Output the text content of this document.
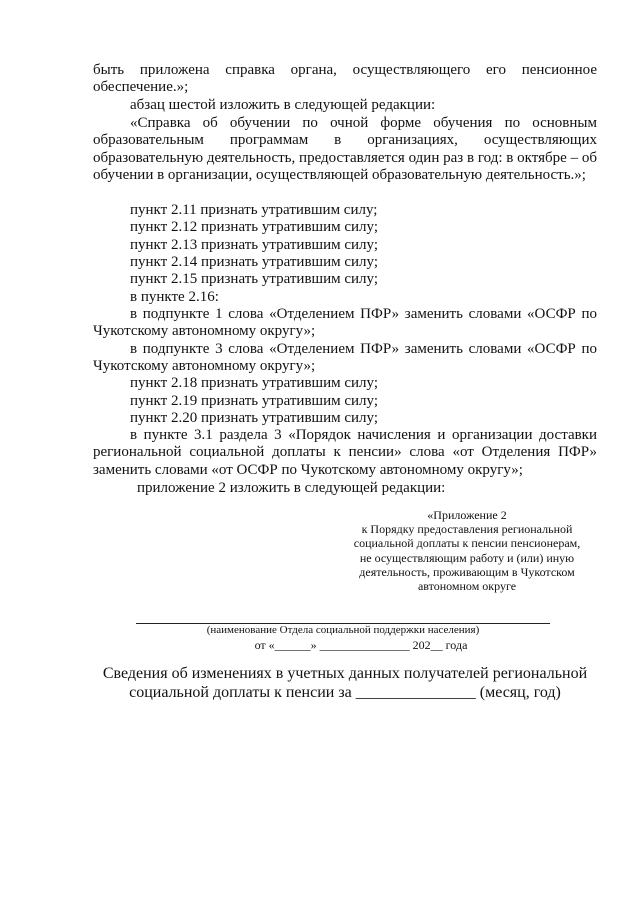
быть приложена справка органа, осуществляющего его пенсионное обеспечение.»;

абзац шестой изложить в следующей редакции:

«Справка об обучении по очной форме обучения по основным образовательным программам в организациях, осуществляющих образовательную деятельность, предоставляется один раз в год: в октябре – об обучении в организации, осуществляющей образовательную деятельность.»;

пункт 2.11 признать утратившим силу;

пункт 2.12 признать утратившим силу;

пункт 2.13 признать утратившим силу;

пункт 2.14 признать утратившим силу;

пункт 2.15 признать утратившим силу;

в пункте 2.16:

в подпункте 1 слова «Отделением ПФР» заменить словами «ОСФР по Чукотскому автономному округу»;

в подпункте 3 слова «Отделением ПФР» заменить словами «ОСФР по Чукотскому автономному округу»;

пункт 2.18 признать утратившим силу;

пункт 2.19 признать утратившим силу;

пункт 2.20 признать утратившим силу;

в пункте 3.1 раздела 3 «Порядок начисления и организации доставки региональной социальной доплаты к пенсии» слова «от Отделения ПФР» заменить словами «от ОСФР по Чукотскому автономному округу»;

приложение 2 изложить в следующей редакции:

«Приложение 2
к Порядку предоставления региональной
социальной доплаты к пенсии пенсионерам,
не осуществляющим работу и (или) иную
деятельность, проживающим в Чукотском
автономном округе

(наименование Отдела социальной поддержки населения)

от «______» _______________ 202__ года

Сведения об изменениях в учетных данных получателей региональной
социальной доплаты к пенсии за _______________ (месяц, год)
